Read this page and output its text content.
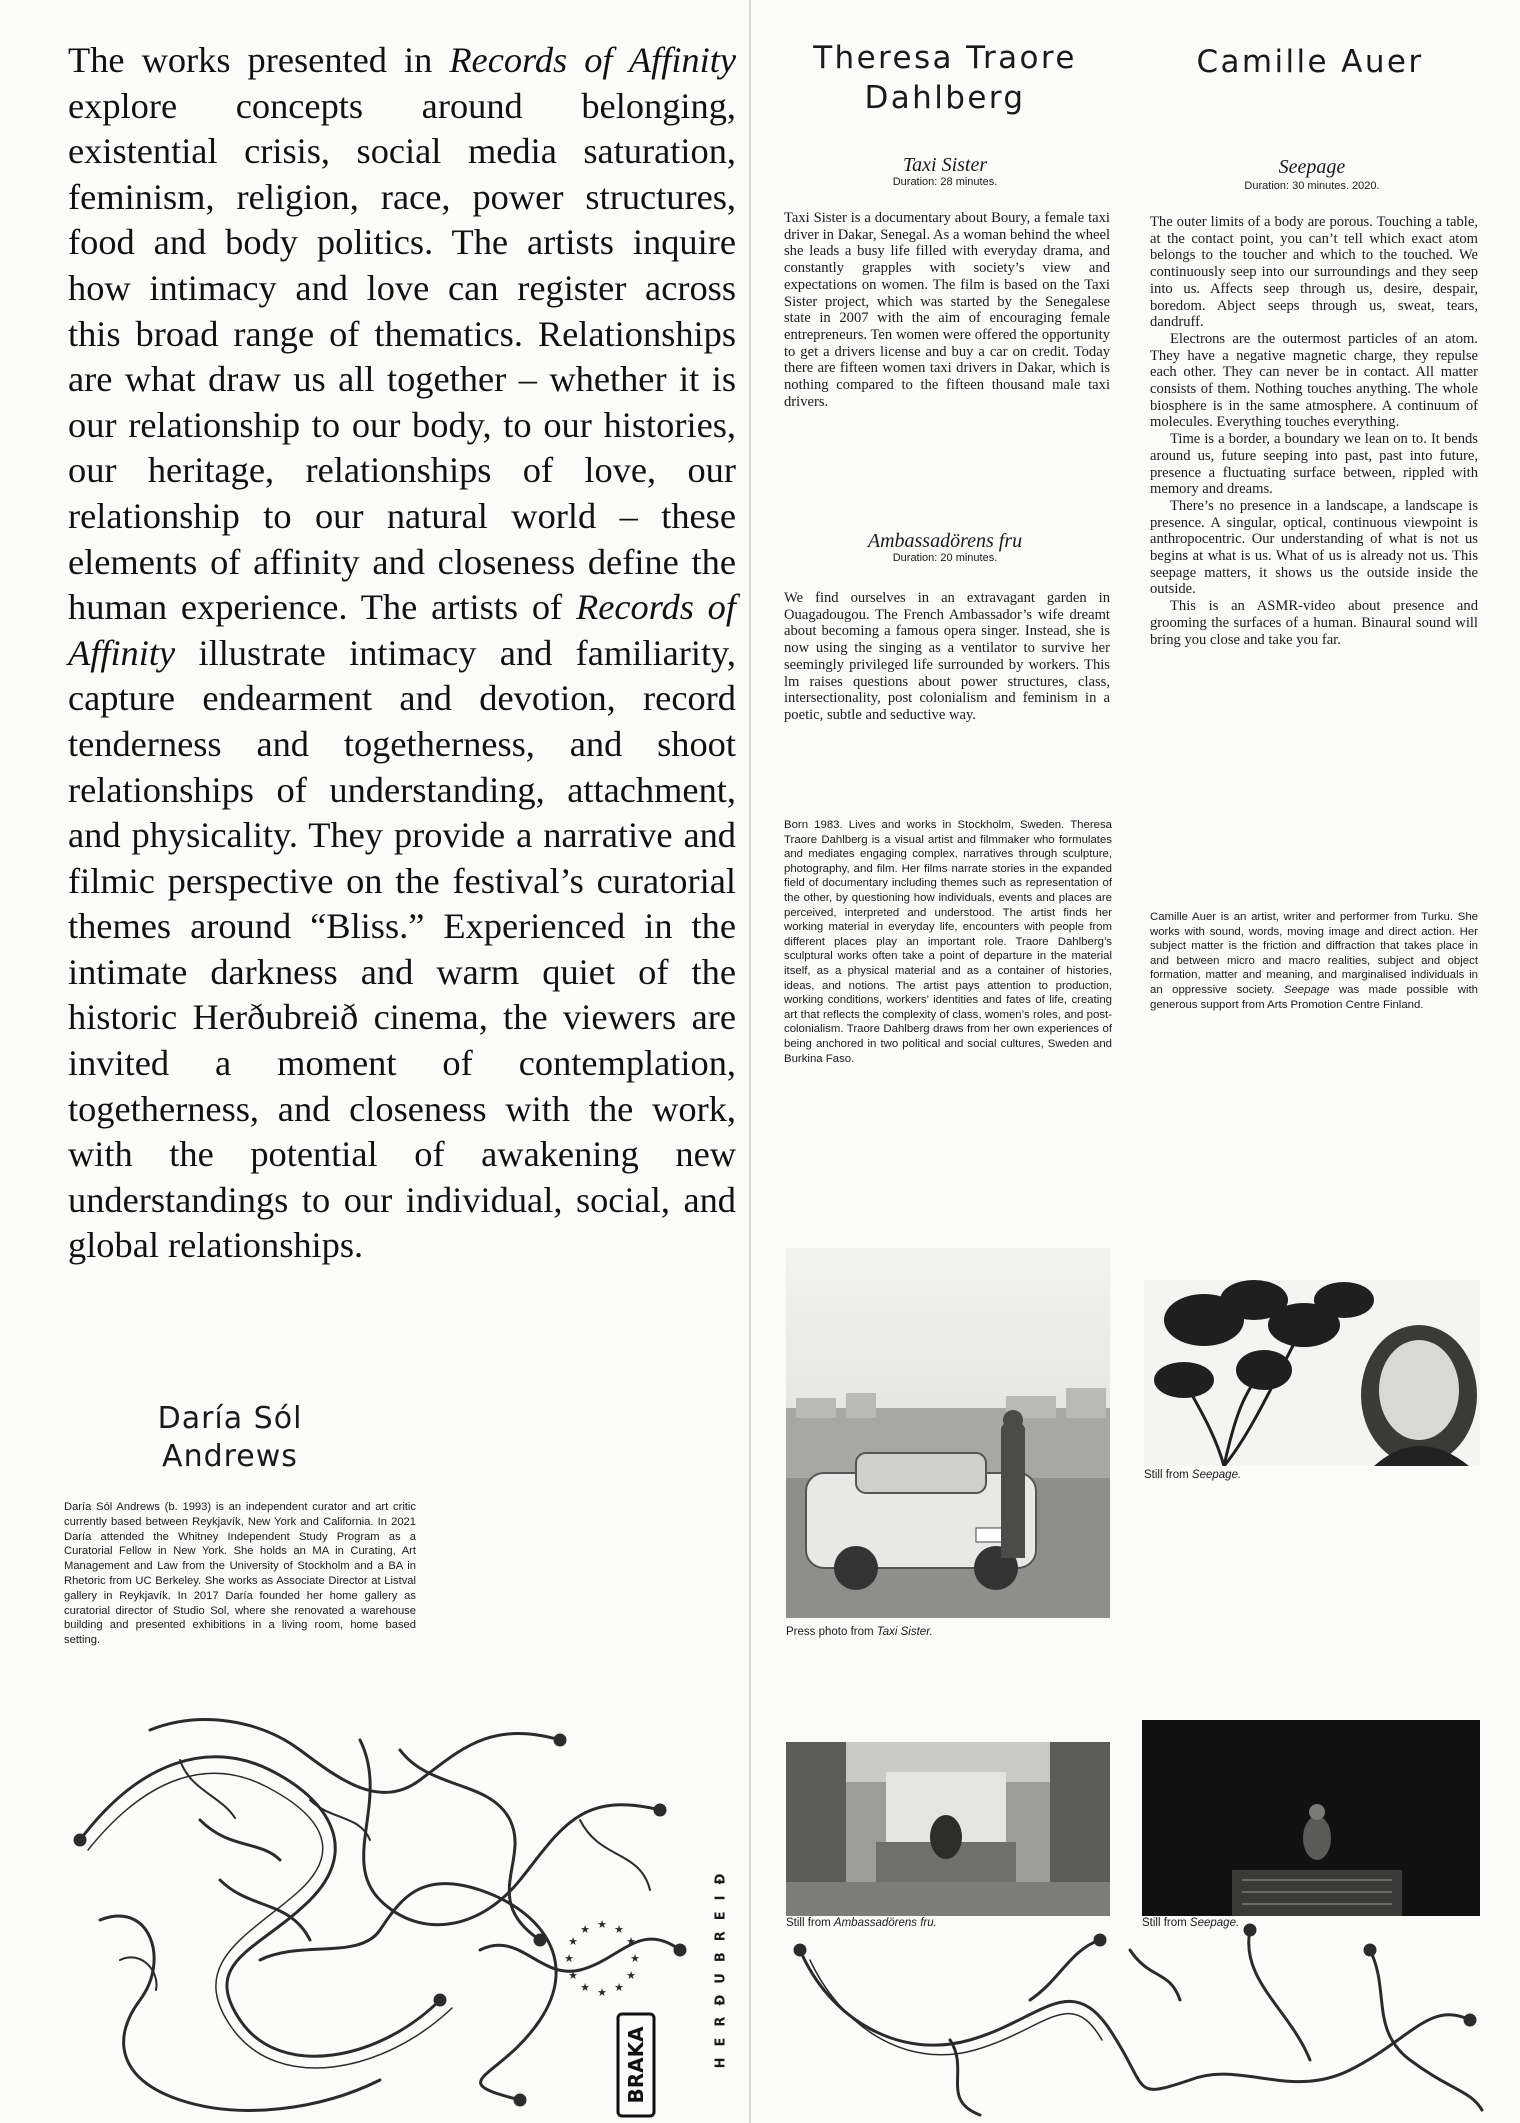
The works presented in Records of Affinity explore concepts around belonging, existential crisis, social media saturation, feminism, religion, race, power structures, food and body politics. The artists inquire how intimacy and love can register across this broad range of thematics. Relationships are what draw us all together – whether it is our relationship to our body, to our histories, our heritage, relationships of love, our relationship to our natural world – these elements of affinity and closeness define the human experience. The artists of Records of Affinity illustrate intimacy and familiarity, capture endearment and devotion, record tenderness and togetherness, and shoot relationships of understanding, attachment, and physicality. They provide a narrative and filmic perspective on the festival’s curatorial themes around “Bliss.” Experienced in the intimate darkness and warm quiet of the historic Herðubreið cinema, the viewers are invited a moment of contemplation, togetherness, and closeness with the work, with the potential of awakening new understandings to our individual, social, and global relationships.

Daría Sól
Andrews

Daría Sól Andrews (b. 1993) is an independent curator and art critic currently based between Reykjavík, New York and California. In 2021 Daría attended the Whitney Independent Study Program as a Curatorial Fellow in New York. She holds an MA in Curating, Art Management and Law from the University of Stockholm and a BA in Rhetoric from UC Berkeley. She works as Associate Director at Listval gallery in Reykjavík. In 2017 Daría founded her home gallery as curatorial director of Studio Sol, where she renovated a warehouse building and presented exhibitions in a living room, home based setting.

★ ★
★
★
★
★
★
★
★
★
★
★
BRAKA	HERÐUBREIÐ
Theresa Traore
Dahlberg

Taxi Sister

Duration: 28 minutes.

Taxi Sister is a documentary about Boury, a female taxi driver in Dakar, Senegal. As a woman behind the wheel she leads a busy life filled with everyday drama, and constantly grapples with society’s view and expectations on women. The film is based on the Taxi Sister project, which was started by the Senegalese state in 2007 with the aim of encouraging female entrepreneurs. Ten women were offered the opportunity to get a drivers license and buy a car on credit. Today there are fifteen women taxi drivers in Dakar, which is nothing compared to the fifteen thousand male taxi drivers.

Ambassadörens fru

Duration: 20 minutes.

We find ourselves in an extravagant garden in Ouagadougou. The French Ambassador’s wife dreamt about becoming a famous opera singer. Instead, she is now using the singing as a ventilator to survive her seemingly privileged life surrounded by workers. This lm raises questions about power structures, class, intersectionality, post colonialism and feminism in a poetic, subtle and seductive way.

Born 1983. Lives and works in Stockholm, Sweden. Theresa Traore Dahlberg is a visual artist and filmmaker who formulates and mediates engaging complex, narratives through sculpture, photography, and film. Her films narrate stories in the expanded field of documentary including themes such as representation of the other, by questioning how individuals, events and places are perceived, interpreted and understood. The artist finds her working material in everyday life, encounters with people from different places play an important role. Traore Dahlberg’s sculptural works often take a point of departure in the material itself, as a physical material and as a container of histories, ideas, and notions. The artist pays attention to production, working conditions, workers’ identities and fates of life, creating art that reflects the complexity of class, women’s roles, and post-colonialism. Traore Dahlberg draws from her own experiences of being anchored in two political and social cultures, Sweden and Burkina Faso.

Camille Auer

Seepage

Duration: 30 minutes. 2020.

The outer limits of a body are porous. Touching a table, at the contact point, you can’t tell which exact atom belongs to the toucher and which to the touched. We continuously seep into our surroundings and they seep into us. Affects seep through us, desire, despair, boredom. Abject seeps through us, sweat, tears, dandruff.

Electrons are the outermost particles of an atom. They have a negative magnetic charge, they repulse each other. They can never be in contact. All matter consists of them. Nothing touches anything. The whole biosphere is in the same atmosphere. A continuum of molecules. Everything touches everything.

Time is a border, a boundary we lean on to. It bends around us, future seeping into past, past into future, presence a fluctuating surface between, rippled with memory and dreams.

There’s no presence in a landscape, a landscape is presence. A singular, optical, continuous viewpoint is anthropocentric. Our understanding of what is not us begins at what is us. What of us is already not us. This seepage matters, it shows us the outside inside the outside.

This is an ASMR-video about presence and grooming the surfaces of a human. Binaural sound will bring you close and take you far.

Camille Auer is an artist, writer and performer from Turku. She works with sound, words, moving image and direct action. Her subject matter is the friction and diffraction that takes place in and between micro and macro realities, subject and object formation, matter and meaning, and marginalised individuals in an oppressive society. Seepage was made possible with generous support from Arts Promotion Centre Finland.

Press photo from Taxi Sister.

Still from Seepage.

Still from Ambassadörens fru.	Still from Seepage.
